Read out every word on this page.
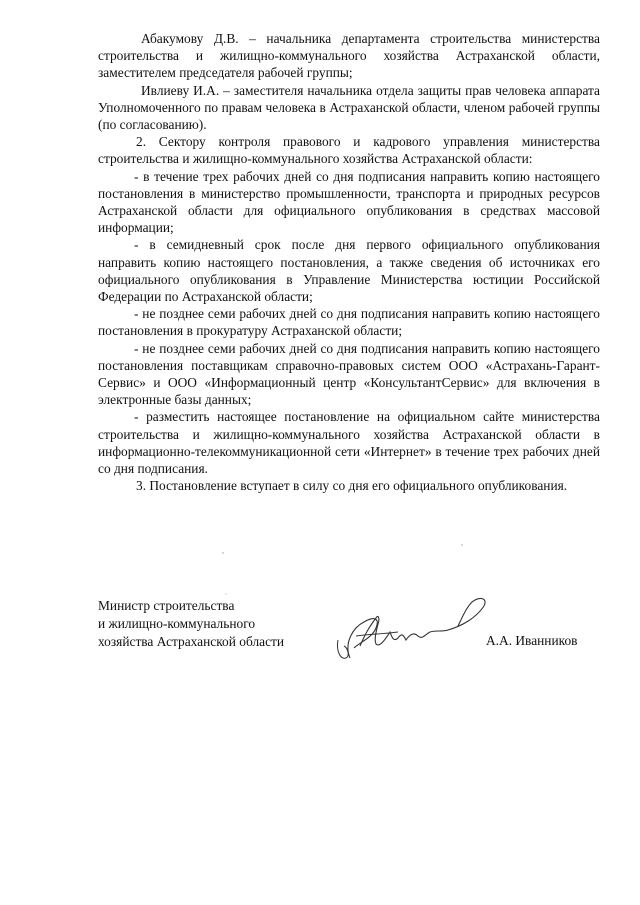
Абакумову Д.В. – начальника департамента строительства министерства строительства и жилищно-коммунального хозяйства Астраханской области, заместителем председателя рабочей группы;

Ивлиеву И.А. – заместителя начальника отдела защиты прав человека аппарата Уполномоченного по правам человека в Астраханской области, членом рабочей группы (по согласованию).

2. Сектору контроля правового и кадрового управления министерства строительства и жилищно-коммунального хозяйства Астраханской области:

- в течение трех рабочих дней со дня подписания направить копию настоящего постановления в министерство промышленности, транспорта и природных ресурсов Астраханской области для официального опубликования в средствах массовой информации;

- в семидневный срок после дня первого официального опубликования направить копию настоящего постановления, а также сведения об источниках его официального опубликования в Управление Министерства юстиции Российской Федерации по Астраханской области;

- не позднее семи рабочих дней со дня подписания направить копию настоящего постановления в прокуратуру Астраханской области;

- не позднее семи рабочих дней со дня подписания направить копию настоящего постановления поставщикам справочно-правовых систем ООО «Астрахань-Гарант-Сервис» и ООО «Информационный центр «КонсультантСервис» для включения в электронные базы данных;

- разместить настоящее постановление на официальном сайте министерства строительства и жилищно-коммунального хозяйства Астраханской области в информационно-телекоммуникационной сети «Интернет» в течение трех рабочих дней со дня подписания.

3. Постановление вступает в силу со дня его официального опубликования.

Министр строительства
и жилищно-коммунального
хозяйства Астраханской области	А.А. Иванников
